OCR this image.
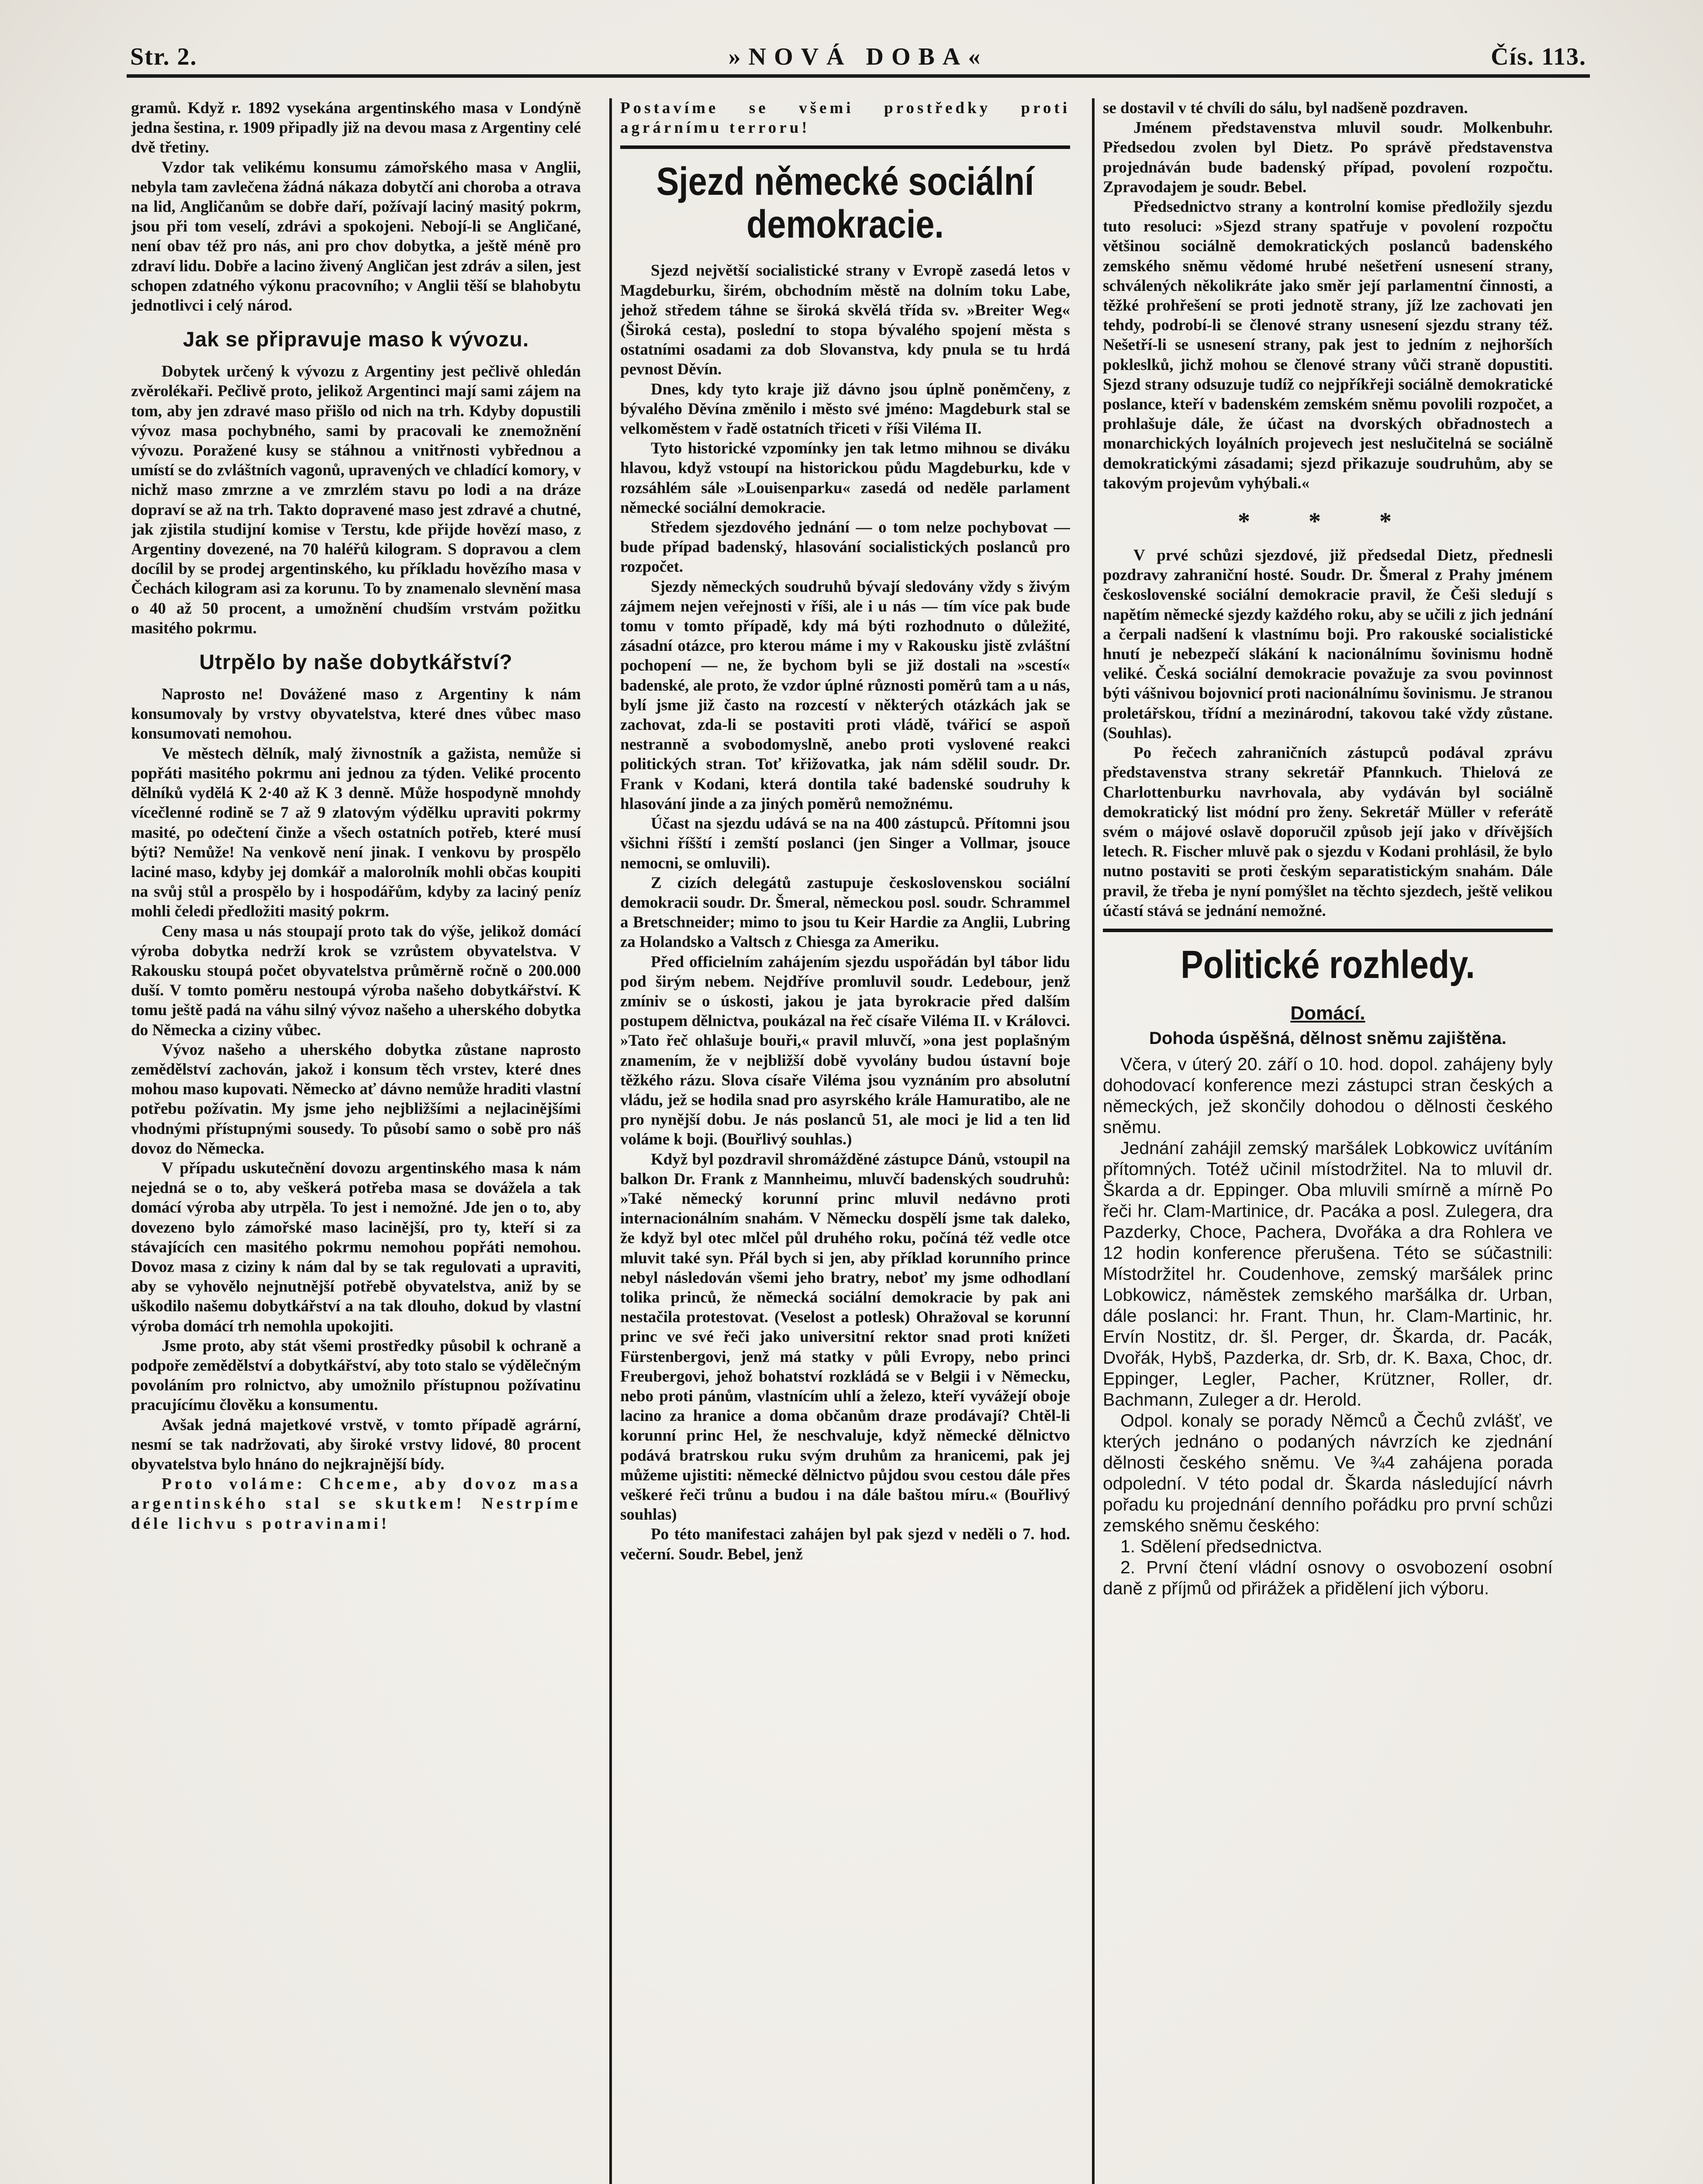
Str. 2.	»NOVÁ DOBA«	Čís. 113.

gramů. Když r. 1892 vysekána argentinského masa v Londýně jedna šestina, r. 1909 připadly již na devou masa z Argentiny celé dvě třetiny.

Vzdor tak velikému konsumu zámořského masa v Anglii, nebyla tam zavlečena žádná nákaza dobytčí ani choroba a otrava na lid, Angličanům se dobře daří, požívají laciný masitý pokrm, jsou při tom veselí, zdrávi a spokojeni. Nebojí-li se Angličané, není obav též pro nás, ani pro chov dobytka, a ještě méně pro zdraví lidu. Dobře a lacino živený Angličan jest zdráv a silen, jest schopen zdatného výkonu pracovního; v Anglii těší se blahobytu jednotlivci i celý národ.

Jak se připravuje maso k vývozu.

Dobytek určený k vývozu z Argentiny jest pečlivě ohledán zvěrolékaři. Pečlivě proto, jelikož Argentinci mají sami zájem na tom, aby jen zdravé maso přišlo od nich na trh. Kdyby dopustili vývoz masa pochybného, sami by pracovali ke znemožnění vývozu. Poražené kusy se stáhnou a vnitřnosti vybřednou a umístí se do zvláštních vagonů, upravených ve chladící komory, v nichž maso zmrzne a ve zmrzlém stavu po lodi a na dráze dopraví se až na trh. Takto dopravené maso jest zdravé a chutné, jak zjistila studijní komise v Terstu, kde přijde hovězí maso, z Argentiny dovezené, na 70 haléřů kilogram. S dopravou a clem docílil by se prodej argentinského, ku příkladu hovězího masa v Čechách kilogram asi za korunu. To by znamenalo slevnění masa o 40 až 50 procent, a umožnění chudším vrstvám požitku masitého pokrmu.

Utrpělo by naše dobytkářství?

Naprosto ne! Dovážené maso z Argentiny k nám konsumovaly by vrstvy obyvatelstva, které dnes vůbec maso konsumovati nemohou.

Ve městech dělník, malý živnostník a gažista, nemůže si popřáti masitého pokrmu ani jednou za týden. Veliké procento dělníků vydělá K 2·40 až K 3 denně. Může hospodyně mnohdy vícečlenné rodině se 7 až 9 zlatovým výdělku upraviti pokrmy masité, po odečtení činže a všech ostatních potřeb, které musí býti? Nemůže! Na venkově není jinak. I venkovu by prospělo laciné maso, kdyby jej domkář a malorolník mohli občas koupiti na svůj stůl a prospělo by i hospodářům, kdyby za laciný peníz mohli čeledi předložiti masitý pokrm.

Ceny masa u nás stoupají proto tak do výše, jelikož domácí výroba dobytka nedrží krok se vzrůstem obyvatelstva. V Rakousku stoupá počet obyvatelstva průměrně ročně o 200.000 duší. V tomto poměru nestoupá výroba našeho dobytkářství. K tomu ještě padá na váhu silný vývoz našeho a uherského dobytka do Německa a ciziny vůbec.

Vývoz našeho a uherského dobytka zůstane naprosto zemědělství zachován, jakož i konsum těch vrstev, které dnes mohou maso kupovati. Německo ať dávno nemůže hraditi vlastní potřebu požívatin. My jsme jeho nejbližšími a nejlacinějšími vhodnými přístupnými sousedy. To působí samo o sobě pro náš dovoz do Německa.

V případu uskutečnění dovozu argentinského masa k nám nejedná se o to, aby veškerá potřeba masa se dovážela a tak domácí výroba aby utrpěla. To jest i nemožné. Jde jen o to, aby dovezeno bylo zámořské maso lacinější, pro ty, kteří si za stávajících cen masitého pokrmu nemohou popřáti nemohou. Dovoz masa z ciziny k nám dal by se tak regulovati a upraviti, aby se vyhovělo nejnutnější potřebě obyvatelstva, aniž by se uškodilo našemu dobytkářství a na tak dlouho, dokud by vlastní výroba domácí trh nemohla upokojiti.

Jsme proto, aby stát všemi prostředky působil k ochraně a podpoře zemědělství a dobytkářství, aby toto stalo se výdělečným povoláním pro rolnictvo, aby umožnilo přístupnou požívatinu pracujícímu člověku a konsumentu.

Avšak jedná majetkové vrstvě, v tomto případě agrární, nesmí se tak nadržovati, aby široké vrstvy lidové, 80 procent obyvatelstva bylo hnáno do nejkrajnější bídy.

Proto voláme: Chceme, aby dovoz masa argentinského stal se skutkem! Nestrpíme déle lichvu s potravinami!

Postavíme se všemi prostředky proti agrárnímu terroru!

Sjezd německé sociální demokracie.

Sjezd největší socialistické strany v Evropě zasedá letos v Magdeburku, širém, obchodním městě na dolním toku Labe, jehož středem táhne se široká skvělá třída sv. »Breiter Weg« (Široká cesta), poslední to stopa bývalého spojení města s ostatními osadami za dob Slovanstva, kdy pnula se tu hrdá pevnost Děvín.

Dnes, kdy tyto kraje již dávno jsou úplně poněmčeny, z bývalého Děvína změnilo i město své jméno: Magdeburk stal se velkoměstem v řadě ostatních třiceti v říši Viléma II.

Tyto historické vzpomínky jen tak letmo mihnou se diváku hlavou, když vstoupí na historickou půdu Magdeburku, kde v rozsáhlém sále »Louisenparku« zasedá od neděle parlament německé sociální demokracie.

Středem sjezdového jednání — o tom nelze pochybovat — bude případ badenský, hlasování socialistických poslanců pro rozpočet.

Sjezdy německých soudruhů bývají sledovány vždy s živým zájmem nejen veřejnosti v říši, ale i u nás — tím více pak bude tomu v tomto případě, kdy má býti rozhodnuto o důležité, zásadní otázce, pro kterou máme i my v Rakousku jistě zvláštní pochopení — ne, že bychom byli se již dostali na »scestí« badenské, ale proto, že vzdor úplné různosti poměrů tam a u nás, bylí jsme již často na rozcestí v některých otázkách jak se zachovat, zda-li se postaviti proti vládě, tvářicí se aspoň nestranně a svobodomyslně, anebo proti vyslovené reakci politických stran. Toť křižovatka, jak nám sdělil soudr. Dr. Frank v Kodani, která dontila také badenské soudruhy k hlasování jinde a za jiných poměrů nemožnému.

Účast na sjezdu udává se na na 400 zástupců. Přítomni jsou všichni říšští i zemští poslanci (jen Singer a Vollmar, jsouce nemocni, se omluvili).

Z cizích delegátů zastupuje československou sociální demokracii soudr. Dr. Šmeral, německou posl. soudr. Schrammel a Bretschneider; mimo to jsou tu Keir Hardie za Anglii, Lubring za Holandsko a Valtsch z Chiesga za Ameriku.

Před officielním zahájením sjezdu uspořádán byl tábor lidu pod širým nebem. Nejdříve promluvil soudr. Ledebour, jenž zmíniv se o úskosti, jakou je jata byrokracie před dalším postupem dělnictva, poukázal na řeč císaře Viléma II. v Královci. »Tato řeč ohlašuje bouři,« pravil mluvčí, »ona jest poplašným znamením, že v nejbližší době vyvolány budou ústavní boje těžkého rázu. Slova císaře Viléma jsou vyznáním pro absolutní vládu, jež se hodila snad pro asyrského krále Hamuratibo, ale ne pro nynější dobu. Je nás poslanců 51, ale moci je lid a ten lid voláme k boji. (Bouřlivý souhlas.)

Když byl pozdravil shromážděné zástupce Dánů, vstoupil na balkon Dr. Frank z Mannheimu, mluvčí badenských soudruhů: »Také německý korunní princ mluvil nedávno proti internacionálním snahám. V Německu dospělí jsme tak daleko, že když byl otec mlčel půl druhého roku, počíná též vedle otce mluvit také syn. Přál bych si jen, aby příklad korunního prince nebyl následován všemi jeho bratry, neboť my jsme odhodlaní tolika princů, že německá sociální demokracie by pak ani nestačila protestovat. (Veselost a potlesk) Ohražoval se korunní princ ve své řeči jako universitní rektor snad proti knížeti Fürstenbergovi, jenž má statky v půli Evropy, nebo princi Freubergovi, jehož bohatství rozkládá se v Belgii i v Německu, nebo proti pánům, vlastnícím uhlí a železo, kteří vyvážejí oboje lacino za hranice a doma občanům draze prodávají? Chtěl-li korunní princ Hel, že neschvaluje, když německé dělnictvo podává bratrskou ruku svým druhům za hranicemi, pak jej můžeme ujistiti: německé dělnictvo půjdou svou cestou dále přes veškeré řeči trůnu a budou i na dále baštou míru.« (Bouřlivý souhlas)

Po této manifestaci zahájen byl pak sjezd v neděli o 7. hod. večerní. Soudr. Bebel, jenž

se dostavil v té chvíli do sálu, byl nadšeně pozdraven.

Jménem představenstva mluvil soudr. Molkenbuhr. Předsedou zvolen byl Dietz. Po správě představenstva projednáván bude badenský případ, povolení rozpočtu. Zpravodajem je soudr. Bebel.

Předsednictvo strany a kontrolní komise předložily sjezdu tuto resoluci: »Sjezd strany spatřuje v povolení rozpočtu většinou sociálně demokratických poslanců badenského zemského sněmu vědomé hrubé nešetření usnesení strany, schválených několikráte jako směr její parlamentní činnosti, a těžké prohřešení se proti jednotě strany, jíž lze zachovati jen tehdy, podrobí-li se členové strany usnesení sjezdu strany též. Nešetří-li se usnesení strany, pak jest to jedním z nejhorších pokleslků, jichž mohou se členové strany vůči straně dopustiti. Sjezd strany odsuzuje tudíž co nejpříkřeji sociálně demokratické poslance, kteří v badenském zemském sněmu povolili rozpočet, a prohlašuje dále, že účast na dvorských obřadnostech a monarchických loyálních projevech jest neslučitelná se sociálně demokratickými zásadami; sjezd přikazuje soudruhům, aby se takovým projevům vyhýbali.«

* * *

V prvé schůzi sjezdové, již předsedal Dietz, přednesli pozdravy zahraniční hosté. Soudr. Dr. Šmeral z Prahy jménem československé sociální demokracie pravil, že Češi sledují s napětím německé sjezdy každého roku, aby se učili z jich jednání a čerpali nadšení k vlastnímu boji. Pro rakouské socialistické hnutí je nebezpečí slákání k nacionálnímu šovinismu hodně veliké. Česká sociální demokracie považuje za svou povinnost býti vášnivou bojovnicí proti nacionálnímu šovinismu. Je stranou proletářskou, třídní a mezinárodní, takovou také vždy zůstane. (Souhlas).

Po řečech zahraničních zástupců podával zprávu představenstva strany sekretář Pfannkuch. Thielová ze Charlottenburku navrhovala, aby vydáván byl sociálně demokratický list módní pro ženy. Sekretář Müller v referátě svém o májové oslavě doporučil způsob její jako v dřívějších letech. R. Fischer mluvě pak o sjezdu v Kodani prohlásil, že bylo nutno postaviti se proti českým separatistickým snahám. Dále pravil, že třeba je nyní pomýšlet na těchto sjezdech, ještě velikou účastí stává se jednání nemožné.

Politické rozhledy.
Domácí.
Dohoda úspěšná, dělnost sněmu zajištěna.

Včera, v úterý 20. září o 10. hod. dopol. zahájeny byly dohodovací konference mezi zástupci stran českých a německých, jež skončily dohodou o dělnosti českého sněmu.

Jednání zahájil zemský maršálek Lobkowicz uvítáním přítomných. Totéž učinil místodržitel. Na to mluvil dr. Škarda a dr. Eppinger. Oba mluvili smírně a mírně Po řeči hr. Clam-Martinice, dr. Pacáka a posl. Zulegera, dra Pazderky, Choce, Pachera, Dvořáka a dra Rohlera ve 12 hodin konference přerušena. Této se súčastnili: Místodržitel hr. Coudenhove, zemský maršálek princ Lobkowicz, náměstek zemského maršálka dr. Urban, dále poslanci: hr. Frant. Thun, hr. Clam-Martinic, hr. Ervín Nostitz, dr. šl. Perger, dr. Škarda, dr. Pacák, Dvořák, Hybš, Pazderka, dr. Srb, dr. K. Baxa, Choc, dr. Eppinger, Legler, Pacher, Krützner, Roller, dr. Bachmann, Zuleger a dr. Herold.

Odpol. konaly se porady Němců a Čechů zvlášť, ve kterých jednáno o podaných návrzích ke zjednání dělnosti českého sněmu. Ve ¾4 zahájena porada odpolední. V této podal dr. Škarda následující návrh pořadu ku projednání denního pořádku pro první schůzi zemského sněmu českého:

1. Sdělení předsednictva.

2. První čtení vládní osnovy o osvobození osobní daně z příjmů od přirážek a přidělení jich výboru.
